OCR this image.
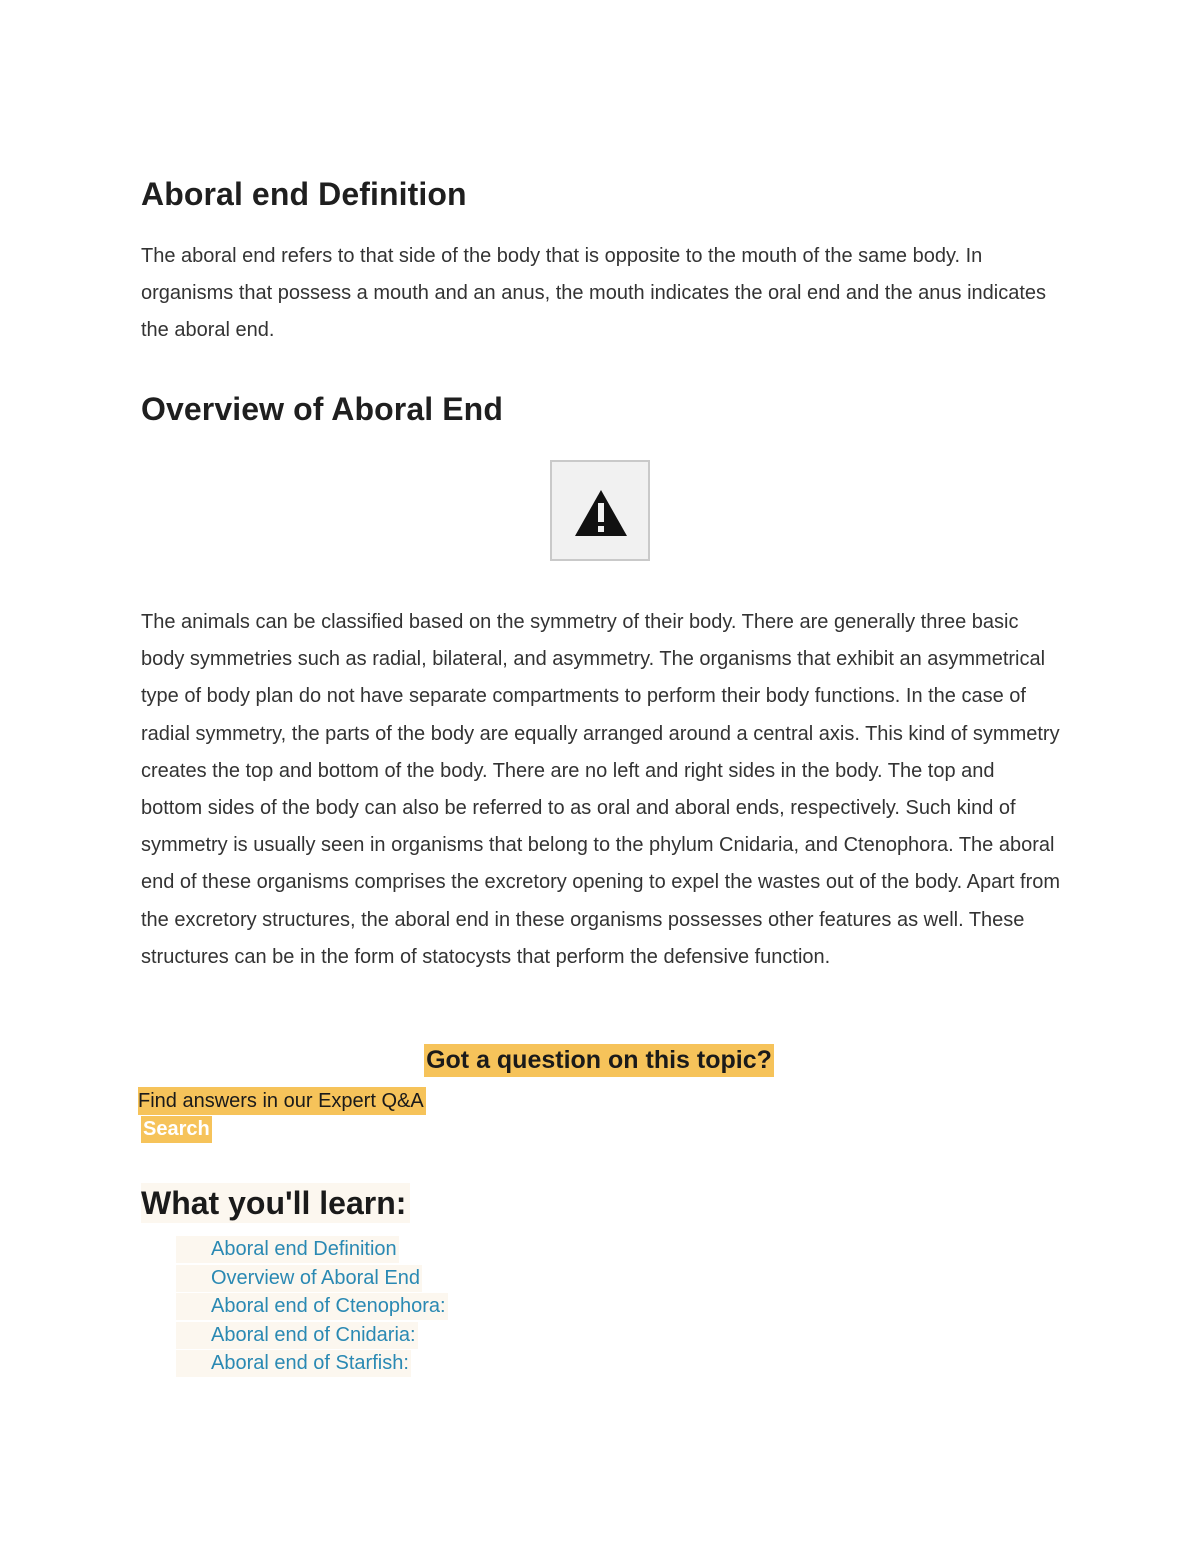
Aboral end Definition

The aboral end refers to that side of the body that is opposite to the mouth of the same body. In organisms that possess a mouth and an anus, the mouth indicates the oral end and the anus indicates the aboral end.

Overview of Aboral End

The animals can be classified based on the symmetry of their body. There are generally three basic body symmetries such as radial, bilateral, and asymmetry. The organisms that exhibit an asymmetrical type of body plan do not have separate compartments to perform their body functions. In the case of radial symmetry, the parts of the body are equally arranged around a central axis. This kind of symmetry creates the top and bottom of the body. There are no left and right sides in the body. The top and bottom sides of the body can also be referred to as oral and aboral ends, respectively. Such kind of symmetry is usually seen in organisms that belong to the phylum Cnidaria, and Ctenophora. The aboral end of these organisms comprises the excretory opening to expel the wastes out of the body. Apart from the excretory structures, the aboral end in these organisms possesses other features as well. These structures can be in the form of statocysts that perform the defensive function.

Got a question on this topic?
Find answers in our Expert Q&A
Search
What you'll learn:
Aboral end Definition
Overview of Aboral End
Aboral end of Ctenophora:
Aboral end of Cnidaria:
Aboral end of Starfish:
